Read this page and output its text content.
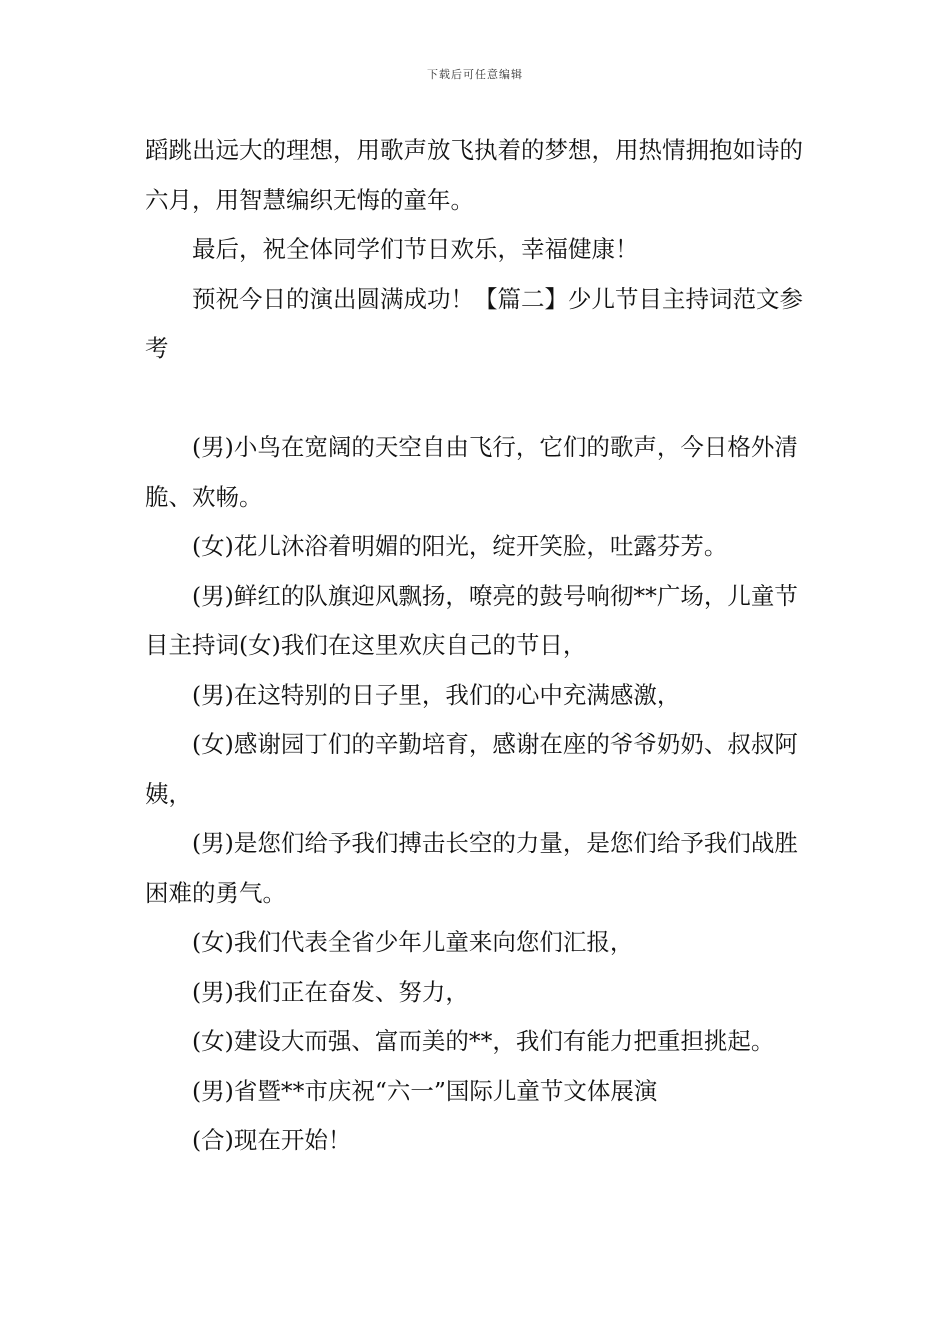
下载后可任意编辑

蹈跳出远大的理想，用歌声放飞执着的梦想，用热情拥抱如诗的六月，用智慧编织无悔的童年。

最后，祝全体同学们节日欢乐，幸福健康！

预祝今日的演出圆满成功！【篇二】少儿节目主持词范文参考

(男)小鸟在宽阔的天空自由飞行，它们的歌声，今日格外清脆、欢畅。

(女)花儿沐浴着明媚的阳光，绽开笑脸，吐露芬芳。

(男)鲜红的队旗迎风飘扬，嘹亮的鼓号响彻**广场，儿童节目主持词(女)我们在这里欢庆自己的节日，

(男)在这特别的日子里，我们的心中充满感激，

(女)感谢园丁们的辛勤培育，感谢在座的爷爷奶奶、叔叔阿姨，

(男)是您们给予我们搏击长空的力量，是您们给予我们战胜困难的勇气。

(女)我们代表全省少年儿童来向您们汇报，

(男)我们正在奋发、努力，

(女)建设大而强、富而美的**，我们有能力把重担挑起。

(男)省暨**市庆祝“六一”国际儿童节文体展演

(合)现在开始！
